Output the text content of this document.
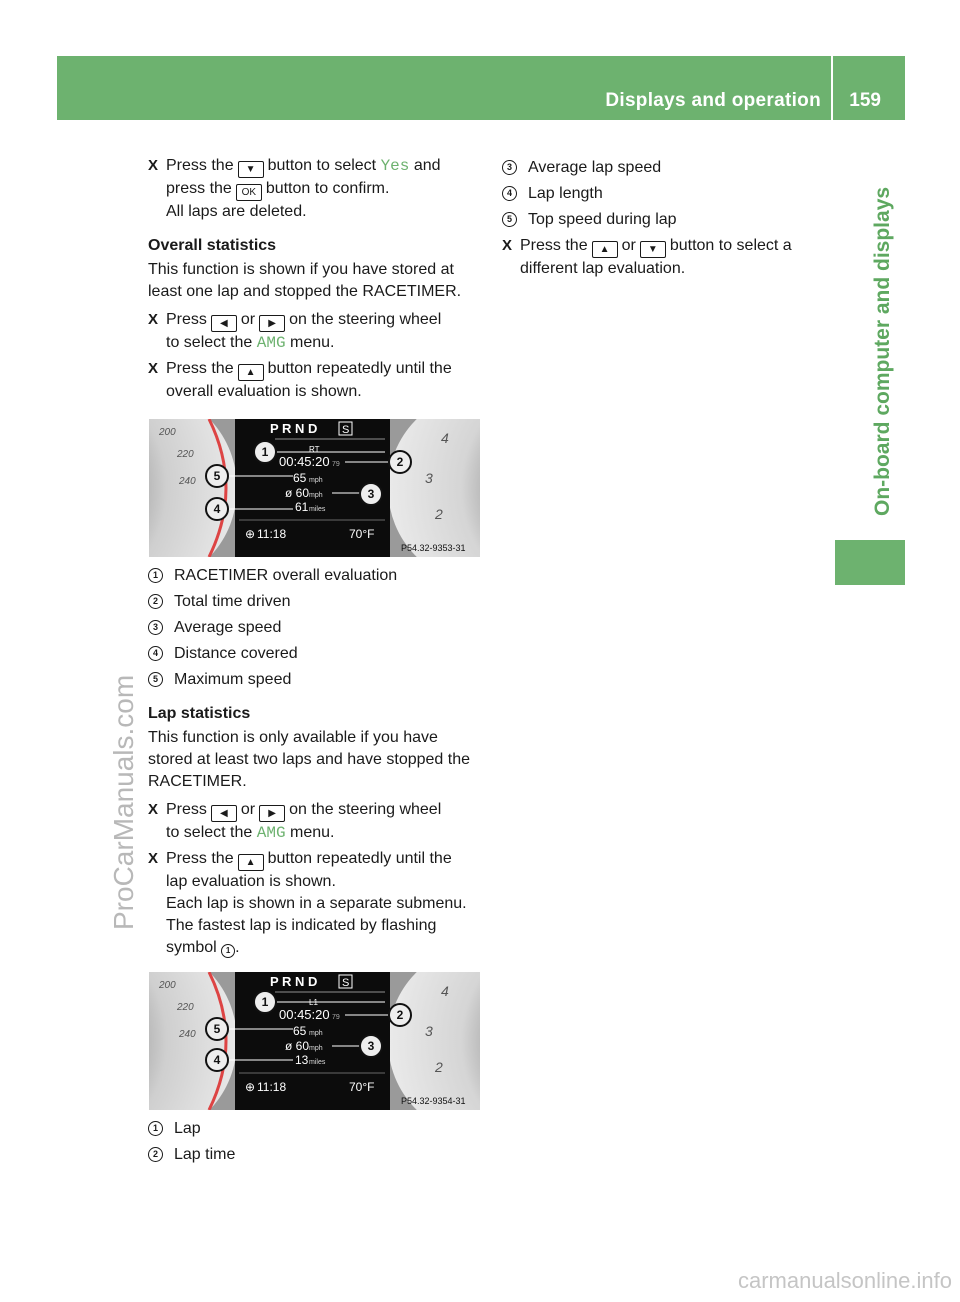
Displays and operation 159
On-board computer and displays
ProCarManuals.com
carmanualsonline.info

X Press the ▼ button to select Yes and
press the OK button to confirm.
All laps are deleted.

Overall statistics

This function is shown if you have stored at least one lap and stopped the RACETIMER.

X Press ◀ or ▶ on the steering wheel
to select the AMG menu.

X Press the ▲ button repeatedly until the
overall evaluation is shown.

200
220
240
4
3
2
P R N D S
RT
00:45:20 79
65 mph
ø 60 mph
61 miles
⊕ 11:18	70°F
1
2
3
4
5
P54.32-9353-31

1	RACETIMER overall evaluation

2	Total time driven

3	Average speed

4	Distance covered

5	Maximum speed

Lap statistics

This function is only available if you have stored at least two laps and have stopped the RACETIMER.

X Press ◀ or ▶ on the steering wheel
to select the AMG menu.

X Press the ▲ button repeatedly until the
lap evaluation is shown.
Each lap is shown in a separate submenu.
The fastest lap is indicated by flashing
symbol 1 .

200
220
240
4
3
2
P R N D S
L1
00:45:20 79
65 mph
ø 60 mph
13 miles
⊕ 11:18	70°F
1
2
3
4
5
P54.32-9354-31

1	Lap

2	Lap time

3	Average lap speed

4	Lap length

5	Top speed during lap

X Press the ▲ or ▼ button to select a
different lap evaluation.
